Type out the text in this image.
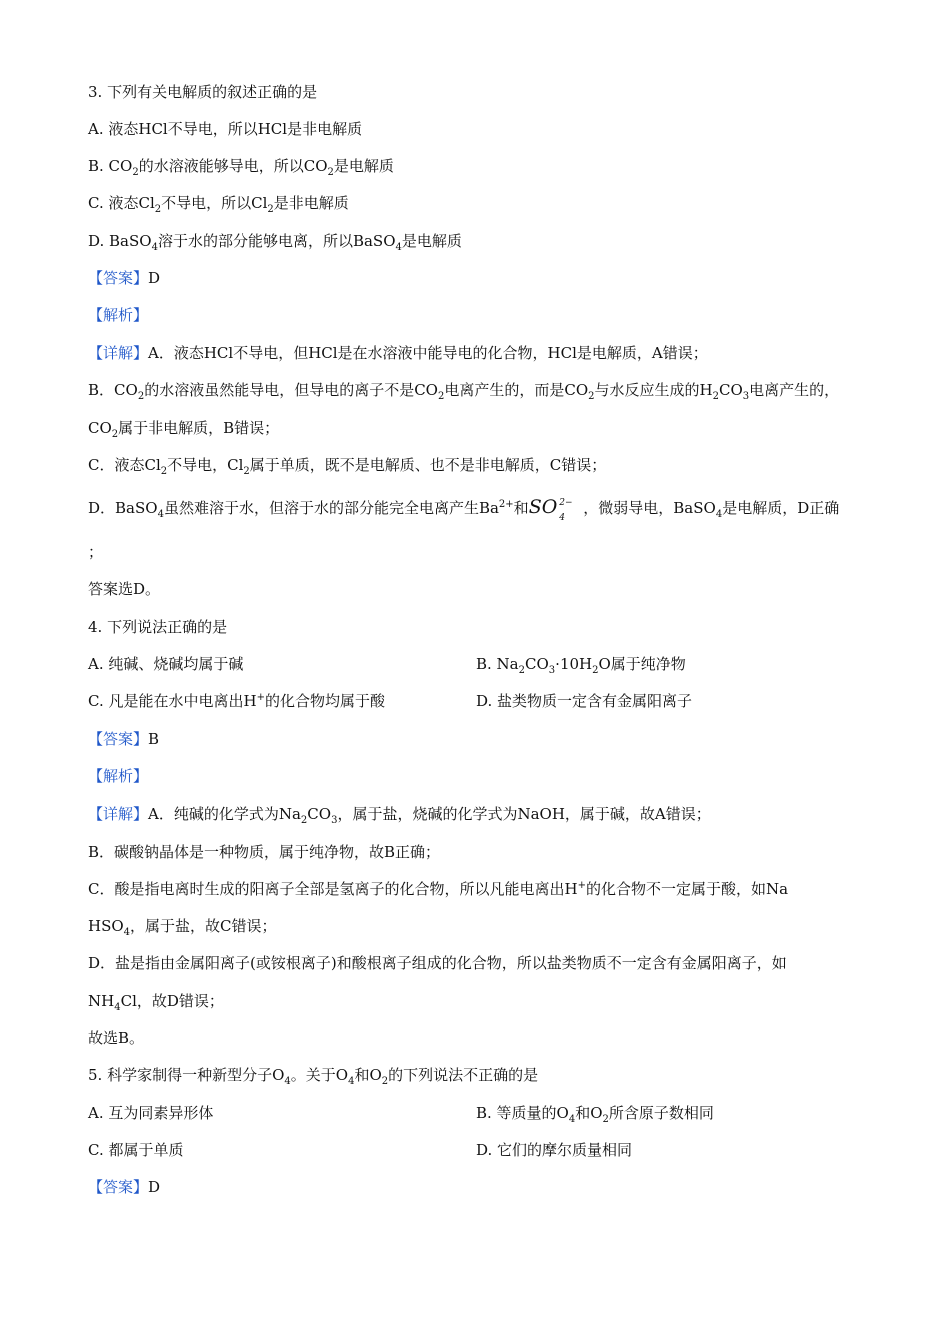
3. 下列有关电解质的叙述正确的是
A. 液态HCl不导电，所以HCl是非电解质
B. $CO_2$的水溶液能够导电，所以$CO_2$是电解质
C. 液态$Cl_2$不导电，所以$Cl_2$是非电解质
D. BaSO$_4$溶于水的部分能够电离，所以BaSO$_4$是电解质
【答案】D
【解析】
【详解】A．液态HCl不导电，但HCl是在水溶液中能导电的化合物，HCl是电解质，A错误；
B．$CO_2$的水溶液虽然能导电，但导电的离子不是$CO_2$电离产生的，而是$CO_2$与水反应生成的$H_2CO_3$电离产生的，
$CO_2$属于非电解质，B错误；
C．液态$Cl_2$不导电，$Cl_2$属于单质，既不是电解质、也不是非电解质，C错误；
D．BaSO$_4$虽然难溶于水，但溶于水的部分能完全电离产生$Ba^{2+}$和SO 2−
4
，微弱导电，BaSO$_4$是电解质，D正确
；
答案选D。
4. 下列说法正确的是
A. 纯碱、烧碱均属于碱	B. $Na_2CO_3\cdot 10H_2O$属于纯净物
C. 凡是能在水中电离出H+的化合物均属于酸	D. 盐类物质一定含有金属阳离子
【答案】B
【解析】
【详解】A．纯碱的化学式为$Na_2CO_3$，属于盐，烧碱的化学式为NaOH，属于碱，故A错误；
B．碳酸钠晶体是一种物质，属于纯净物，故B正确；
C．酸是指电离时生成的阳离子全部是氢离子的化合物，所以凡能电离出H+的化合物不一定属于酸，如Na
$HSO_4$，属于盐，故C错误；
D．盐是指由金属阳离子(或铵根离子)和酸根离子组成的化合物，所以盐类物质不一定含有金属阳离子，如
$NH_4Cl$，故D错误；
故选B。
5. 科学家制得一种新型分子$O_4$。关于$O_4$和$O_2$的下列说法不正确的是
A. 互为同素异形体	B. 等质量的$O_4$和$O_2$所含原子数相同
C. 都属于单质	D. 它们的摩尔质量相同
【答案】D
